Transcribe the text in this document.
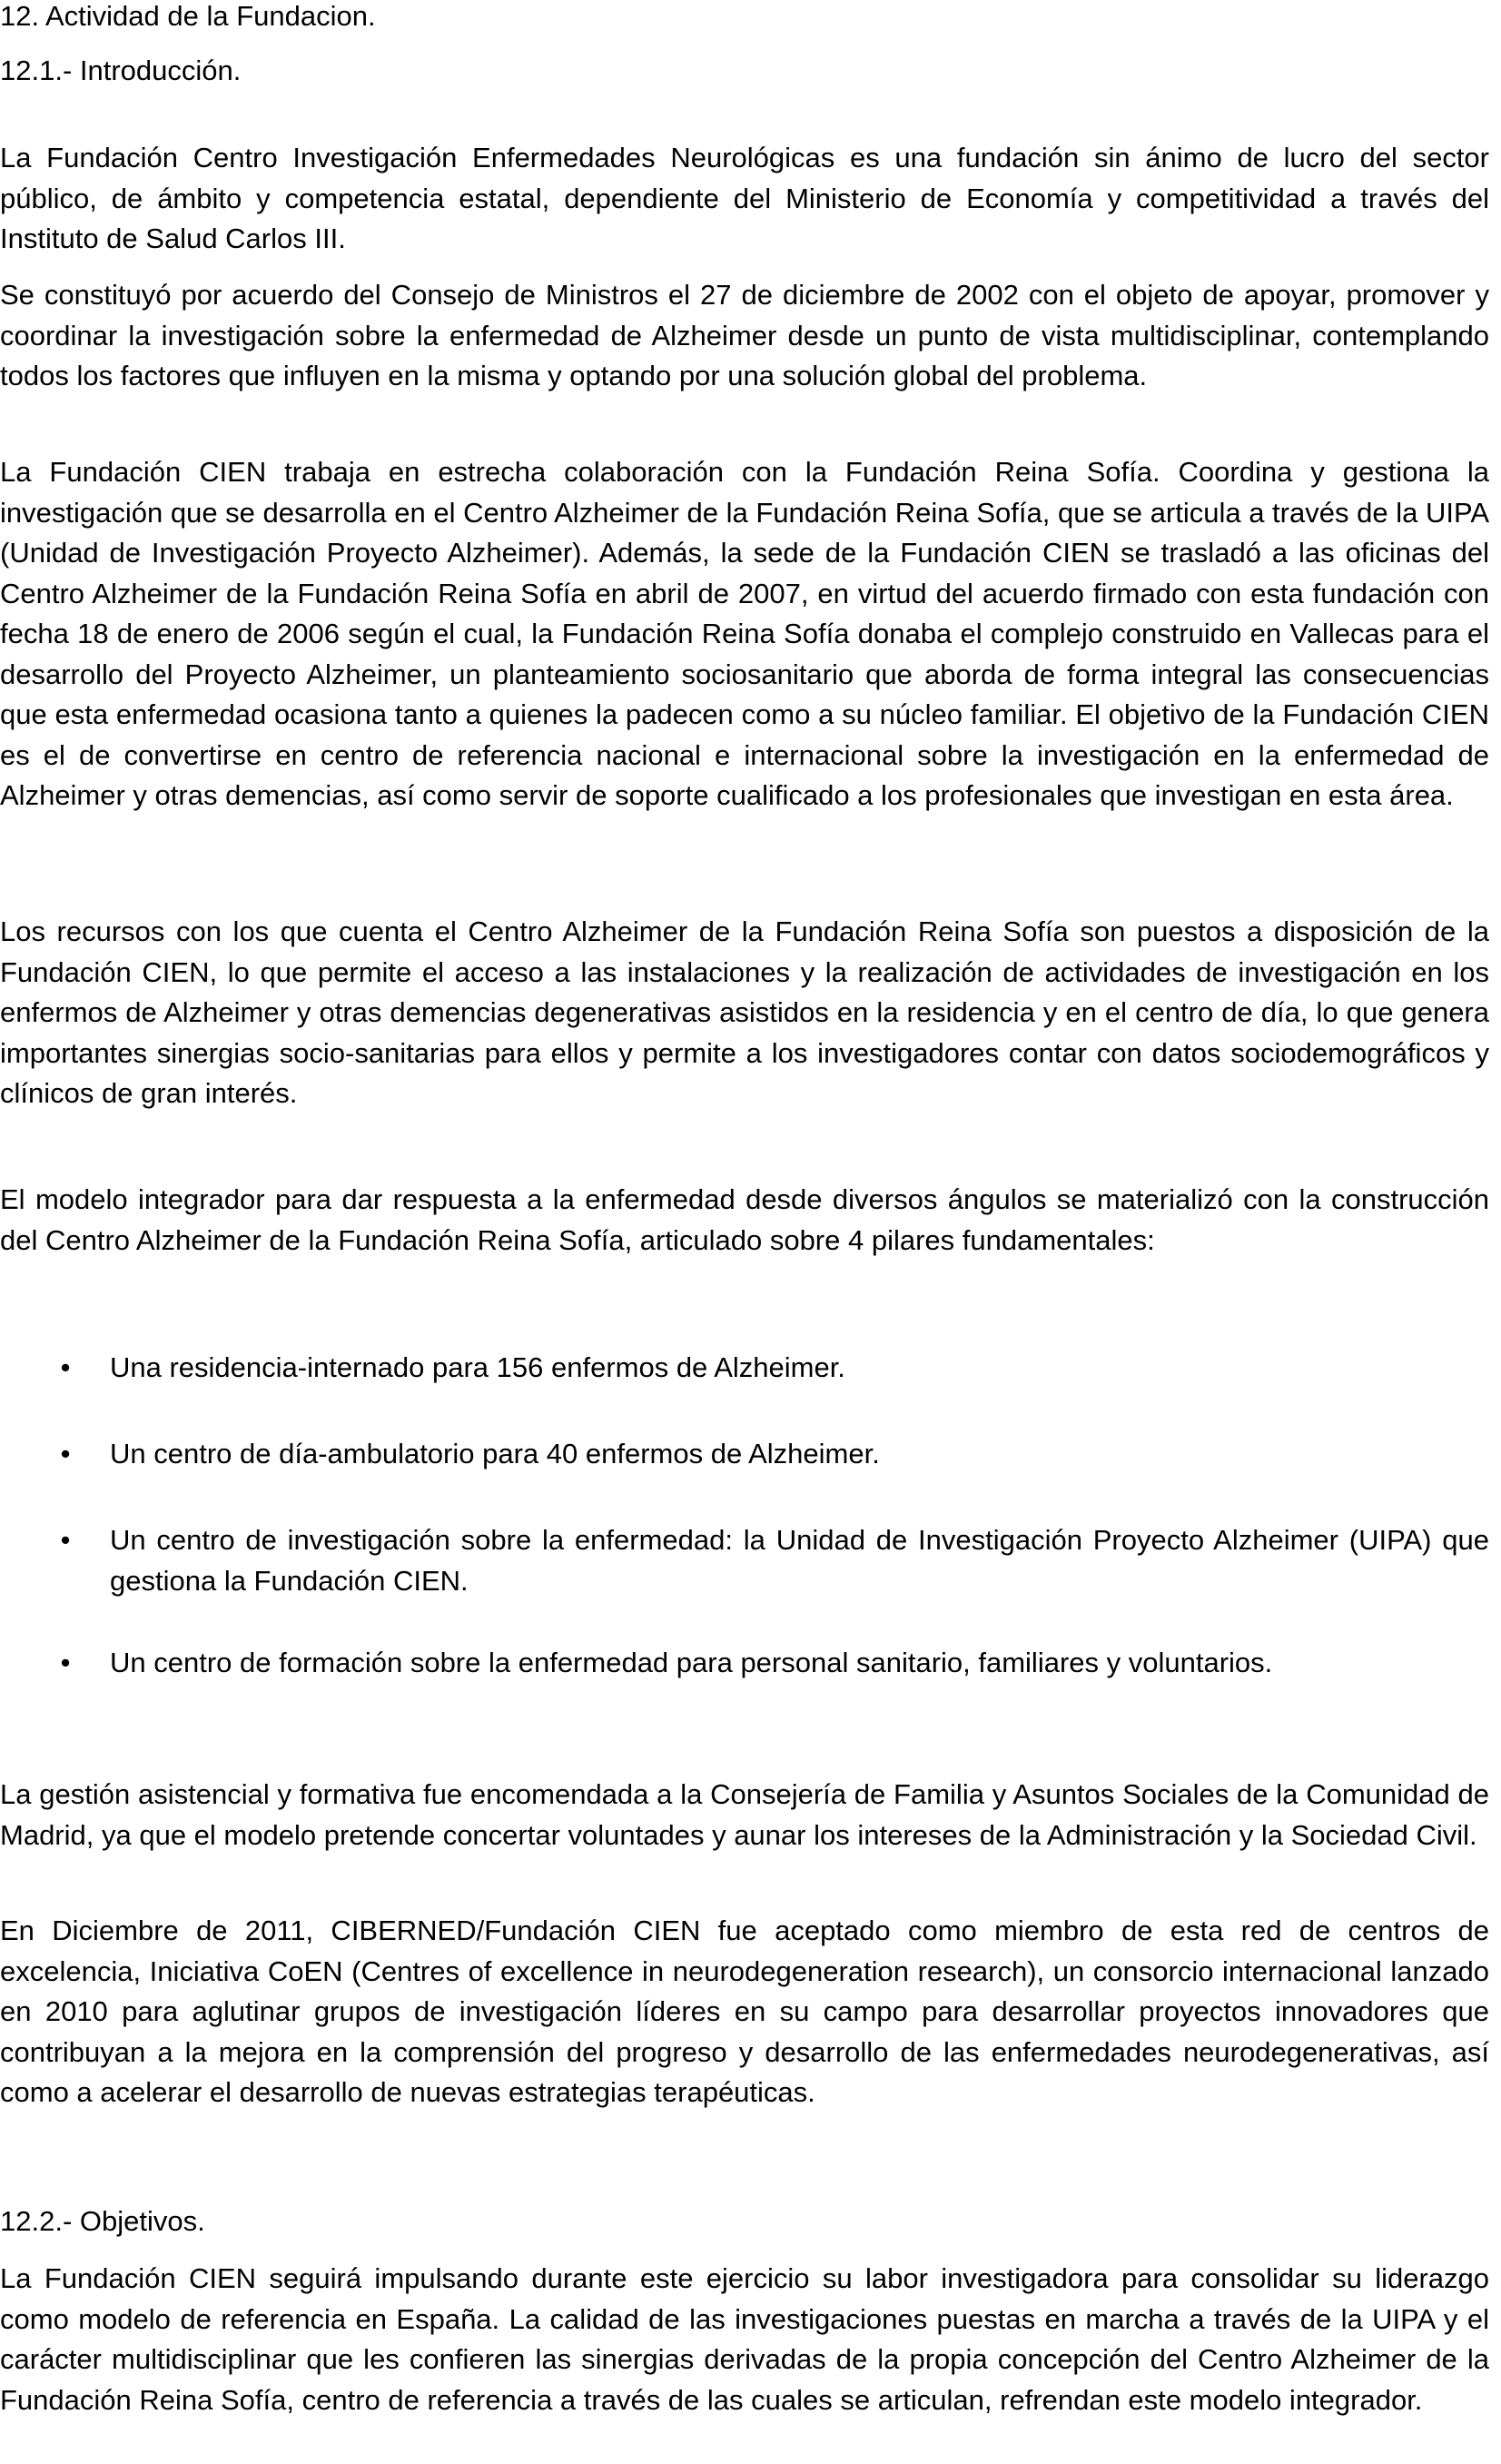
12. Actividad de la Fundacion.
12.1.- Introducción.

La Fundación Centro Investigación Enfermedades Neurológicas es una fundación sin ánimo de lucro del sector público, de ámbito y competencia estatal, dependiente del Ministerio de Economía y competitividad a través del Instituto de Salud Carlos III.

Se constituyó por acuerdo del Consejo de Ministros el 27 de diciembre de 2002 con el objeto de apoyar, promover y coordinar la investigación sobre la enfermedad de Alzheimer desde un punto de vista multidisciplinar, contemplando todos los factores que influyen en la misma y optando por una solución global del problema.

La Fundación CIEN trabaja en estrecha colaboración con la Fundación Reina Sofía. Coordina y gestiona la investigación que se desarrolla en el Centro Alzheimer de la Fundación Reina Sofía, que se articula a través de la UIPA (Unidad de Investigación Proyecto Alzheimer). Además, la sede de la Fundación CIEN se trasladó a las oficinas del Centro Alzheimer de la Fundación Reina Sofía en abril de 2007, en virtud del acuerdo firmado con esta fundación con fecha 18 de enero de 2006 según el cual, la Fundación Reina Sofía donaba el complejo construido en Vallecas para el desarrollo del Proyecto Alzheimer, un planteamiento sociosanitario que aborda de forma integral las consecuencias que esta enfermedad ocasiona tanto a quienes la padecen como a su núcleo familiar. El objetivo de la Fundación CIEN es el de convertirse en centro de referencia nacional e internacional sobre la investigación en la enfermedad de Alzheimer y otras demencias, así como servir de soporte cualificado a los profesionales que investigan en esta área.

Los recursos con los que cuenta el Centro Alzheimer de la Fundación Reina Sofía son puestos a disposición de la Fundación CIEN, lo que permite el acceso a las instalaciones y la realización de actividades de investigación en los enfermos de Alzheimer y otras demencias degenerativas asistidos en la residencia y en el centro de día, lo que genera importantes sinergias socio-sanitarias para ellos y permite a los investigadores contar con datos sociodemográficos y clínicos de gran interés.

El modelo integrador para dar respuesta a la enfermedad desde diversos ángulos se materializó con la construcción del Centro Alzheimer de la Fundación Reina Sofía, articulado sobre 4 pilares fundamentales:

• Una residencia-internado para 156 enfermos de Alzheimer.
• Un centro de día-ambulatorio para 40 enfermos de Alzheimer.
• Un centro de investigación sobre la enfermedad: la Unidad de Investigación Proyecto Alzheimer (UIPA) que gestiona la Fundación CIEN.
• Un centro de formación sobre la enfermedad para personal sanitario, familiares y voluntarios.

La gestión asistencial y formativa fue encomendada a la Consejería de Familia y Asuntos Sociales de la Comunidad de Madrid, ya que el modelo pretende concertar voluntades y aunar los intereses de la Administración y la Sociedad Civil.

En Diciembre de 2011, CIBERNED/Fundación CIEN fue aceptado como miembro de esta red de centros de excelencia, Iniciativa CoEN (Centres of excellence in neurodegeneration research), un consorcio internacional lanzado en 2010 para aglutinar grupos de investigación líderes en su campo para desarrollar proyectos innovadores que contribuyan a la mejora en la comprensión del progreso y desarrollo de las enfermedades neurodegenerativas, así como a acelerar el desarrollo de nuevas estrategias terapéuticas.

12.2.- Objetivos.

La Fundación CIEN seguirá impulsando durante este ejercicio su labor investigadora para consolidar su liderazgo como modelo de referencia en España. La calidad de las investigaciones puestas en marcha a través de la UIPA y el carácter multidisciplinar que les confieren las sinergias derivadas de la propia concepción del Centro Alzheimer de la Fundación Reina Sofía, centro de referencia a través de las cuales se articulan, refrendan este modelo integrador.
